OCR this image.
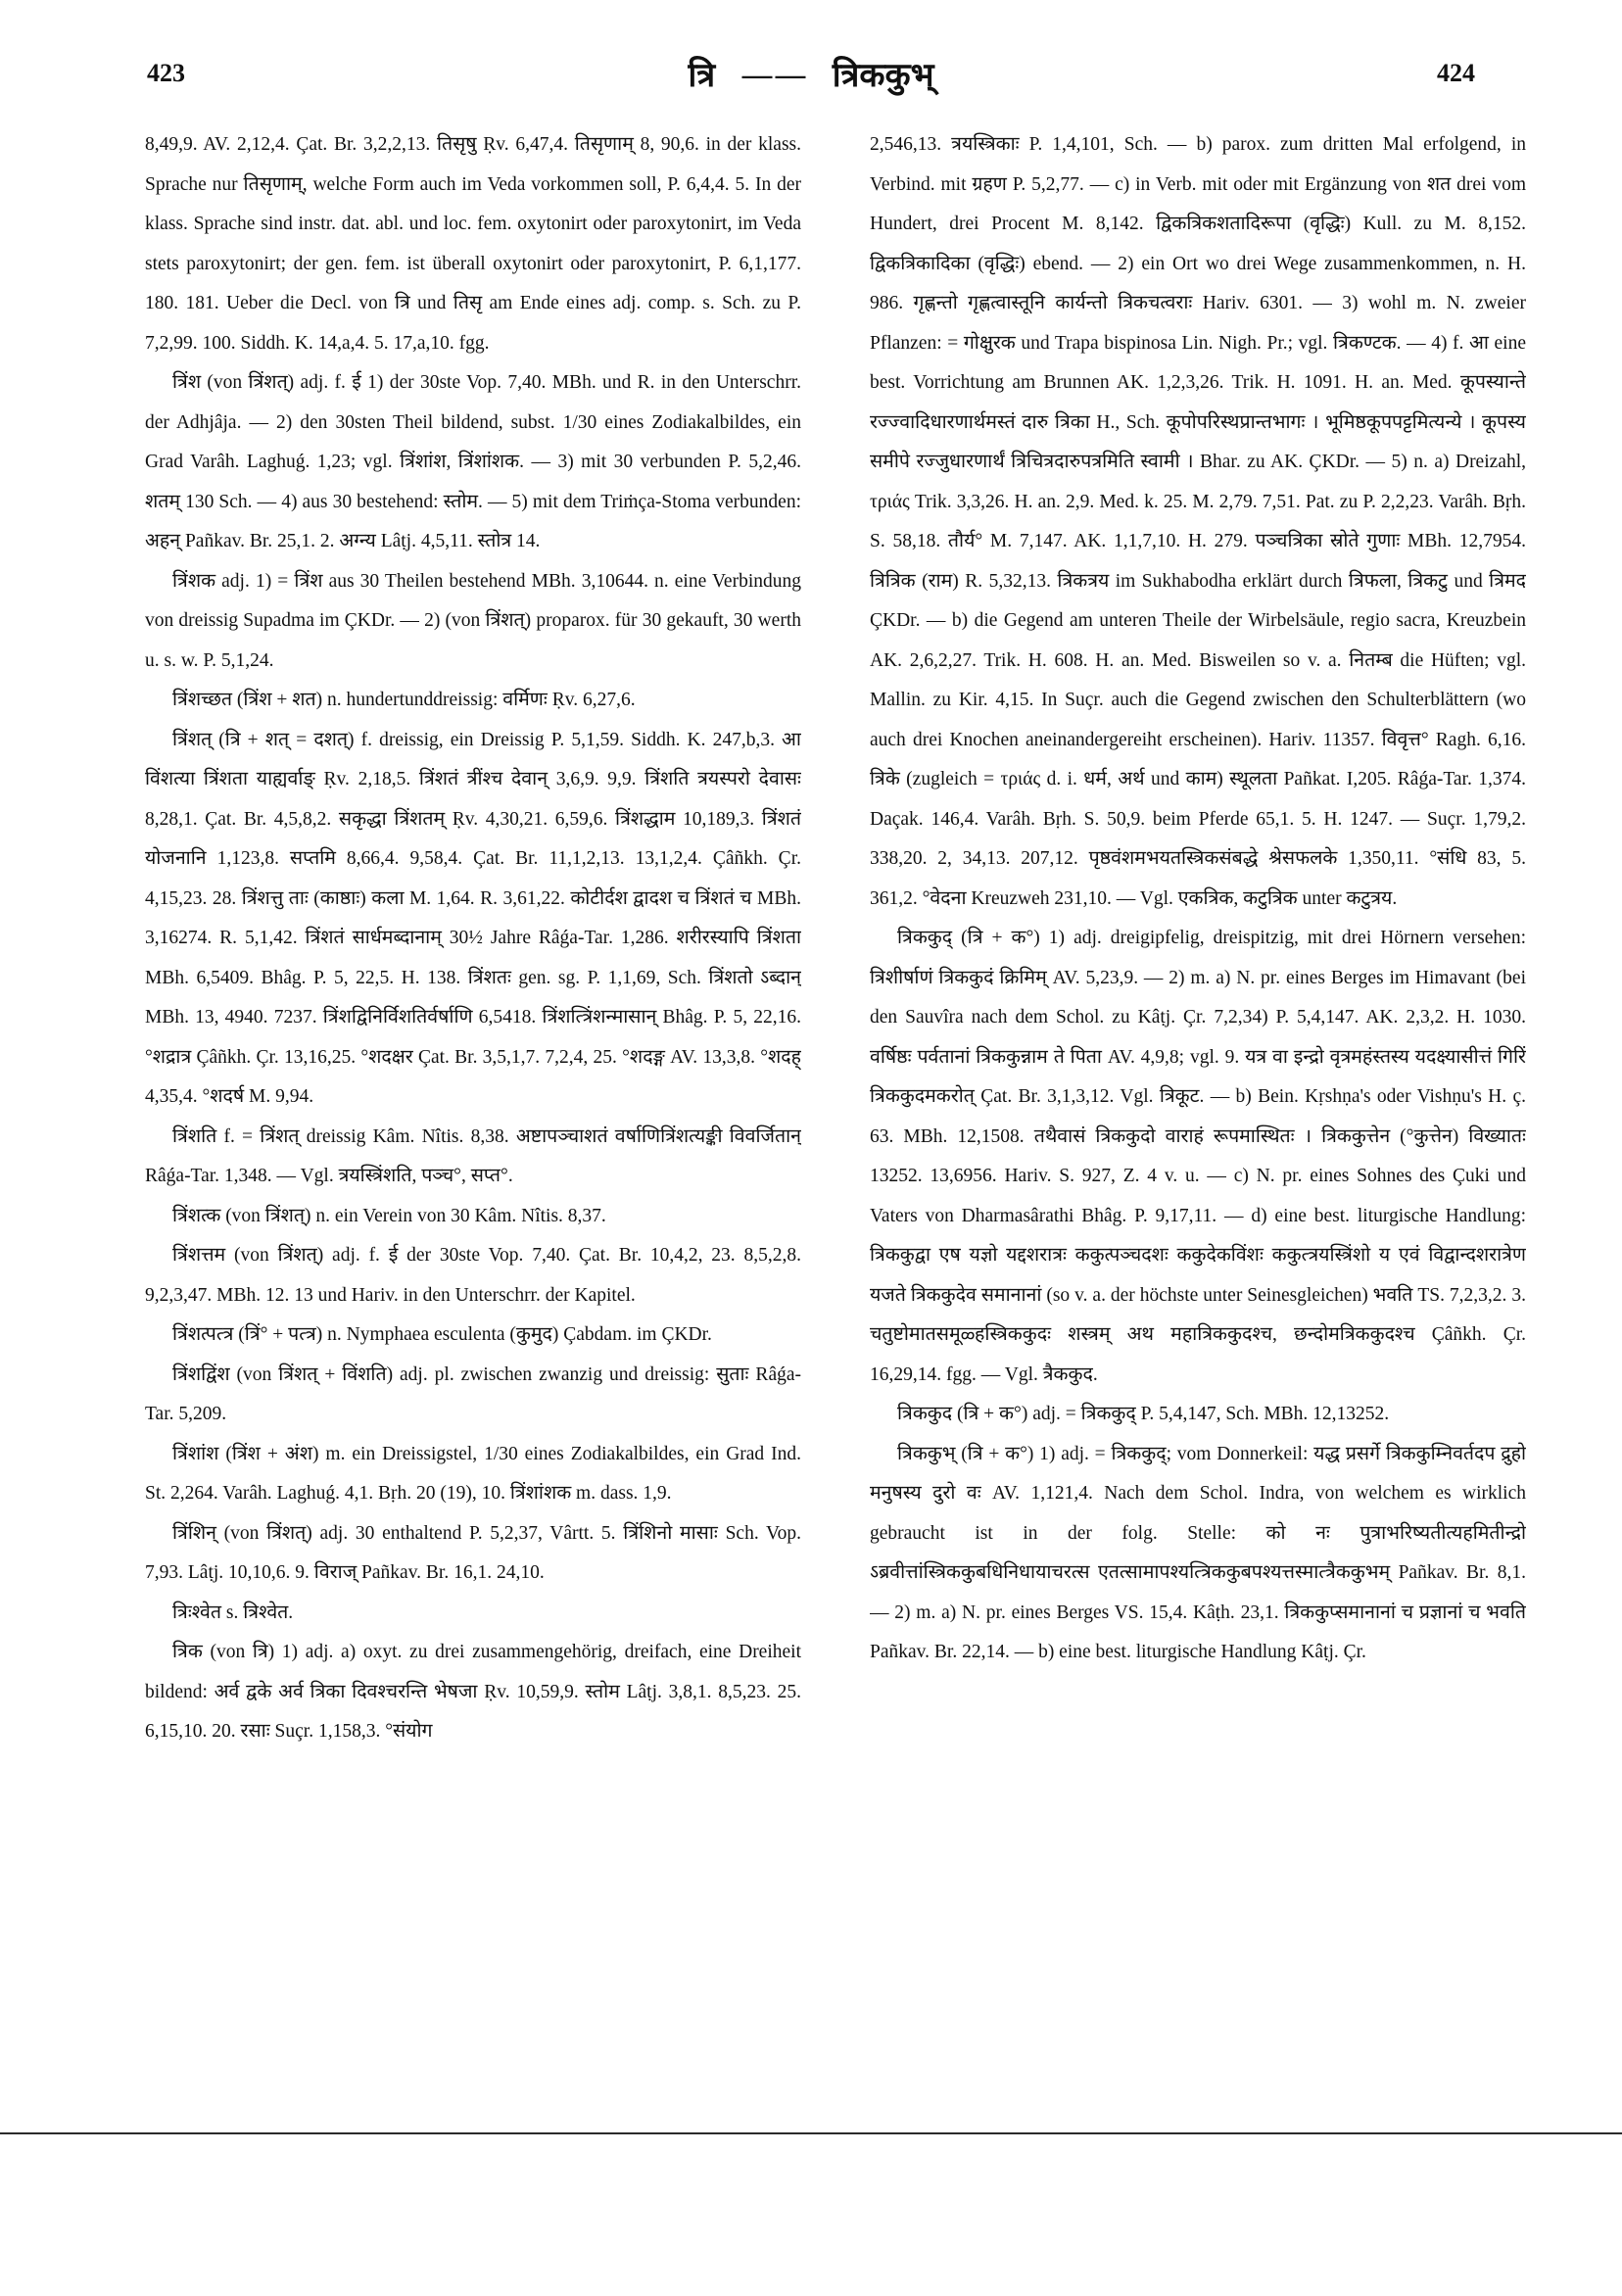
423	त्रि —— त्रिककुभ्	424

8,49,9. AV. 2,12,4. Çat. Br. 3,2,2,13. तिसृषु Ṛv. 6,47,4. तिसृणाम् 8, 90,6. in der klass. Sprache nur तिसृणाम्, welche Form auch im Veda vorkommen soll, P. 6,4,4. 5. In der klass. Sprache sind instr. dat. abl. und loc. fem. oxytonirt oder paroxytonirt, im Veda stets paroxytonirt; der gen. fem. ist überall oxytonirt oder paroxytonirt, P. 6,1,177. 180. 181. Ueber die Decl. von त्रि und तिसृ am Ende eines adj. comp. s. Sch. zu P. 7,2,99. 100. Siddh. K. 14,a,4. 5. 17,a,10. fgg.

त्रिंश (von त्रिंशत्) adj. f. ई 1) der 30ste Vop. 7,40. MBh. und R. in den Unterschrr. der Adhjâja. — 2) den 30sten Theil bildend, subst. 1/30 eines Zodiakalbildes, ein Grad Varâh. Laghuǵ. 1,23; vgl. त्रिंशांश, त्रिंशांशक. — 3) mit 30 verbunden P. 5,2,46. शतम् 130 Sch. — 4) aus 30 bestehend: स्तोम. — 5) mit dem Triṁça-Stoma verbunden: अहन् Pañkav. Br. 25,1. 2. अग्न्य Lâṭj. 4,5,11. स्तोत्र 14.

त्रिंशक adj. 1) = त्रिंश aus 30 Theilen bestehend MBh. 3,10644. n. eine Verbindung von dreissig Supadma im ÇKDr. — 2) (von त्रिंशत्) proparox. für 30 gekauft, 30 werth u. s. w. P. 5,1,24.

त्रिंशच्छत (त्रिंश + शत) n. hundertunddreissig: वर्मिणः Ṛv. 6,27,6.

त्रिंशत् (त्रि + शत् = दशत्) f. dreissig, ein Dreissig P. 5,1,59. Siddh. K. 247,b,3. आ विंशत्या त्रिंशता याह्यर्वाङ् Ṛv. 2,18,5. त्रिंशतं त्रींश्च देवान् 3,6,9. 9,9. त्रिंशति त्रयस्परो देवासः 8,28,1. Çat. Br. 4,5,8,2. सकृद्धा त्रिंशतम् Ṛv. 4,30,21. 6,59,6. त्रिंशद्धाम 10,189,3. त्रिंशतं योजनानि 1,123,8. सप्तमि 8,66,4. 9,58,4. Çat. Br. 11,1,2,13. 13,1,2,4. Çâñkh. Çr. 4,15,23. 28. त्रिंशत्तु ताः (काष्ठाः) कला M. 1,64. R. 3,61,22. कोटीर्दश द्वादश च त्रिंशतं च MBh. 3,16274. R. 5,1,42. त्रिंशतं सार्धमब्दानाम् 30½ Jahre Râǵa-Tar. 1,286. शरीरस्यापि त्रिंशता MBh. 6,5409. Bhâg. P. 5, 22,5. H. 138. त्रिंशतः gen. sg. P. 1,1,69, Sch. त्रिंशतो ऽब्दान् MBh. 13, 4940. 7237. त्रिंशद्विनिर्विशतिर्वर्षाणि 6,5418. त्रिंशत्त्रिंशन्मासान् Bhâg. P. 5, 22,16. °शद्रात्र Çâñkh. Çr. 13,16,25. °शदक्षर Çat. Br. 3,5,1,7. 7,2,4, 25. °शदङ्ग AV. 13,3,8. °शदह् 4,35,4. °शदर्ष M. 9,94.

त्रिंशति f. = त्रिंशत् dreissig Kâm. Nîtis. 8,38. अष्टापञ्चाशतं वर्षाणित्रिंशत्यङ्की विवर्जितान् Râǵa-Tar. 1,348. — Vgl. त्रयस्त्रिंशति, पञ्च°, सप्त°.

त्रिंशत्क (von त्रिंशत्) n. ein Verein von 30 Kâm. Nîtis. 8,37.

त्रिंशत्तम (von त्रिंशत्) adj. f. ई der 30ste Vop. 7,40. Çat. Br. 10,4,2, 23. 8,5,2,8. 9,2,3,47. MBh. 12. 13 und Hariv. in den Unterschrr. der Kapitel.

त्रिंशत्पत्त्र (त्रिं° + पत्त्र) n. Nymphaea esculenta (कुमुद) Çabdam. im ÇKDr.

त्रिंशद्विंश (von त्रिंशत् + विंशति) adj. pl. zwischen zwanzig und dreissig: सुताः Râǵa-Tar. 5,209.

त्रिंशांश (त्रिंश + अंश) m. ein Dreissigstel, 1/30 eines Zodiakalbildes, ein Grad Ind. St. 2,264. Varâh. Laghuǵ. 4,1. Bṛh. 20 (19), 10. त्रिंशांशक m. dass. 1,9.

त्रिंशिन् (von त्रिंशत्) adj. 30 enthaltend P. 5,2,37, Vârtt. 5. त्रिंशिनो मासाः Sch. Vop. 7,93. Lâṭj. 10,10,6. 9. विराज् Pañkav. Br. 16,1. 24,10.

त्रिःश्वेत s. त्रिश्वेत.

त्रिक (von त्रि) 1) adj. a) oxyt. zu drei zusammengehörig, dreifach, eine Dreiheit bildend: अर्व द्वके अर्व त्रिका दिवश्चरन्ति भेषजा Ṛv. 10,59,9. स्तोम Lâṭj. 3,8,1. 8,5,23. 25. 6,15,10. 20. रसाः Suçr. 1,158,3. °संयोग

2,546,13. त्रयस्त्रिकाः P. 1,4,101, Sch. — b) parox. zum dritten Mal erfolgend, in Verbind. mit ग्रहण P. 5,2,77. — c) in Verb. mit oder mit Ergänzung von शत drei vom Hundert, drei Procent M. 8,142. द्विकत्रिकशतादिरूपा (वृद्धिः) Kull. zu M. 8,152. द्विकत्रिकादिका (वृद्धिः) ebend. — 2) ein Ort wo drei Wege zusammenkommen, n. H. 986. गृह्णन्तो गृह्णत्वास्तूनि कार्यन्तो त्रिकचत्वराः Hariv. 6301. — 3) wohl m. N. zweier Pflanzen: = गोक्षुरक und Trapa bispinosa Lin. Nigh. Pr.; vgl. त्रिकण्टक. — 4) f. आ eine best. Vorrichtung am Brunnen AK. 1,2,3,26. Trik. H. 1091. H. an. Med. कूपस्यान्ते रज्ज्वादिधारणार्थमस्तं दारु त्रिका H., Sch. कूपोपरिस्थप्रान्तभागः । भूमिष्ठकूपपट्टमित्यन्ये । कूपस्य समीपे रज्जुधारणार्थं त्रिचित्रदारुपत्रमिति स्वामी । Bhar. zu AK. ÇKDr. — 5) n. a) Dreizahl, τριάς Trik. 3,3,26. H. an. 2,9. Med. k. 25. M. 2,79. 7,51. Pat. zu P. 2,2,23. Varâh. Bṛh. S. 58,18. तौर्य° M. 7,147. AK. 1,1,7,10. H. 279. पञ्चत्रिका स्रोते गुणाः MBh. 12,7954. त्रित्रिक (राम) R. 5,32,13. त्रिकत्रय im Sukhabodha erklärt durch त्रिफला, त्रिकटु und त्रिमद ÇKDr. — b) die Gegend am unteren Theile der Wirbelsäule, regio sacra, Kreuzbein AK. 2,6,2,27. Trik. H. 608. H. an. Med. Bisweilen so v. a. नितम्ब die Hüften; vgl. Mallin. zu Kir. 4,15. In Suçr. auch die Gegend zwischen den Schulterblättern (wo auch drei Knochen aneinandergereiht erscheinen). Hariv. 11357. विवृत्त° Ragh. 6,16. त्रिके (zugleich = τριάς d. i. धर्म, अर्थ und काम) स्थूलता Pañkat. I,205. Râǵa-Tar. 1,374. Daçak. 146,4. Varâh. Bṛh. S. 50,9. beim Pferde 65,1. 5. H. 1247. — Suçr. 1,79,2. 338,20. 2, 34,13. 207,12. पृष्ठवंशमभयतस्त्रिकसंबद्धे श्रेसफलके 1,350,11. °संधि 83, 5. 361,2. °वेदना Kreuzweh 231,10. — Vgl. एकत्रिक, कटुत्रिक unter कटुत्रय.

त्रिककुद् (त्रि + क°) 1) adj. dreigipfelig, dreispitzig, mit drei Hörnern versehen: त्रिशीर्षाणं त्रिककुदं क्रिमिम् AV. 5,23,9. — 2) m. a) N. pr. eines Berges im Himavant (bei den Sauvîra nach dem Schol. zu Kâṭj. Çr. 7,2,34) P. 5,4,147. AK. 2,3,2. H. 1030. वर्षिष्ठः पर्वतानां त्रिककुन्नाम ते पिता AV. 4,9,8; vgl. 9. यत्र वा इन्द्रो वृत्रमहंस्तस्य यदक्ष्यासीत्तं गिरिं त्रिककुदमकरोत् Çat. Br. 3,1,3,12. Vgl. त्रिकूट. — b) Bein. Kṛshṇa's oder Vishṇu's H. ç. 63. MBh. 12,1508. तथैवासं त्रिककुदो वाराहं रूपमास्थितः । त्रिककुत्तेन (°कुत्तेन) विख्यातः 13252. 13,6956. Hariv. S. 927, Z. 4 v. u. — c) N. pr. eines Sohnes des Çuki und Vaters von Dharmasârathi Bhâg. P. 9,17,11. — d) eine best. liturgische Handlung: त्रिककुद्वा एष यज्ञो यद्दशरात्रः ककुत्पञ्चदशः ककुदेकविंशः ककुत्त्रयस्त्रिंशो य एवं विद्वान्दशरात्रेण यजते त्रिककुदेव समानानां (so v. a. der höchste unter Seinesgleichen) भवति TS. 7,2,3,2. 3. चतुष्टोमातसमूळ्हस्त्रिककुदः शस्त्रम् अथ महात्रिककुदश्च, छन्दोमत्रिककुदश्च Çâñkh. Çr. 16,29,14. fgg. — Vgl. त्रैककुद.

त्रिककुद (त्रि + क°) adj. = त्रिककुद् P. 5,4,147, Sch. MBh. 12,13252.

त्रिककुभ् (त्रि + क°) 1) adj. = त्रिककुद्; vom Donnerkeil: यद्ध प्रसर्गे त्रिककुम्निवर्तदप द्रुहो मनुषस्य दुरो वः AV. 1,121,4. Nach dem Schol. Indra, von welchem es wirklich gebraucht ist in der folg. Stelle: को नः पुत्राभरिष्यतीत्यहमितीन्द्रो ऽब्रवीत्तांस्त्रिककुबधिनिधायाचरत्स एतत्सामापश्यत्त्रिककुबपश्यत्तस्मात्त्रैककुभम् Pañkav. Br. 8,1. — 2) m. a) N. pr. eines Berges VS. 15,4. Kâṭh. 23,1. त्रिककुप्समानानां च प्रज्ञानां च भवति Pañkav. Br. 22,14. — b) eine best. liturgische Handlung Kâṭj. Çr.
